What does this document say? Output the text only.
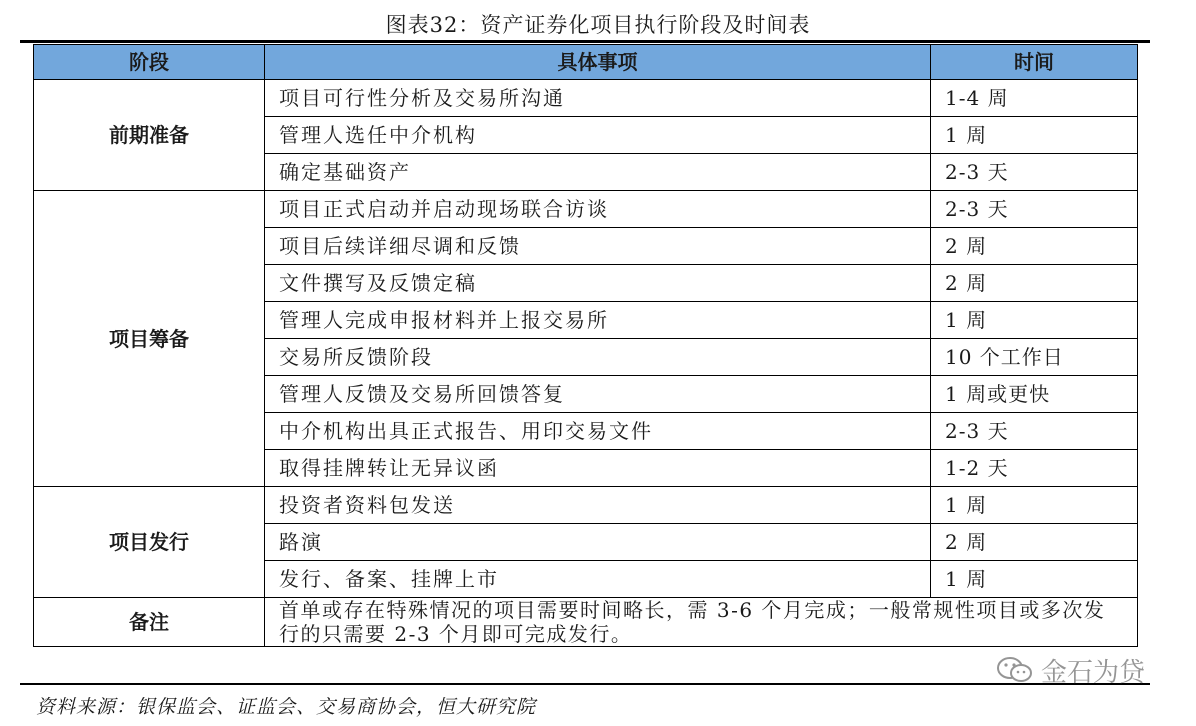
图表32：资产证券化项目执行阶段及时间表
阶段	具体事项	时间
前期准备	项目可行性分析及交易所沟通	1-4 周
	管理人选任中介机构	1 周
	确定基础资产	2-3 天
项目筹备	项目正式启动并启动现场联合访谈	2-3 天
	项目后续详细尽调和反馈	2 周
	文件撰写及反馈定稿	2 周
	管理人完成申报材料并上报交易所	1 周
	交易所反馈阶段	10 个工作日
	管理人反馈及交易所回馈答复	1 周或更快
	中介机构出具正式报告、用印交易文件	2-3 天
	取得挂牌转让无异议函	1-2 天
项目发行	投资者资料包发送	1 周
	路演	2 周
	发行、备案、挂牌上市	1 周
备注	首单或存在特殊情况的项目需要时间略长，需 3-6 个月完成；一般常规性项目或多次发行的只需要 2-3 个月即可完成发行。	
资料来源：银保监会、证监会、交易商协会，恒大研究院
金石为贷
